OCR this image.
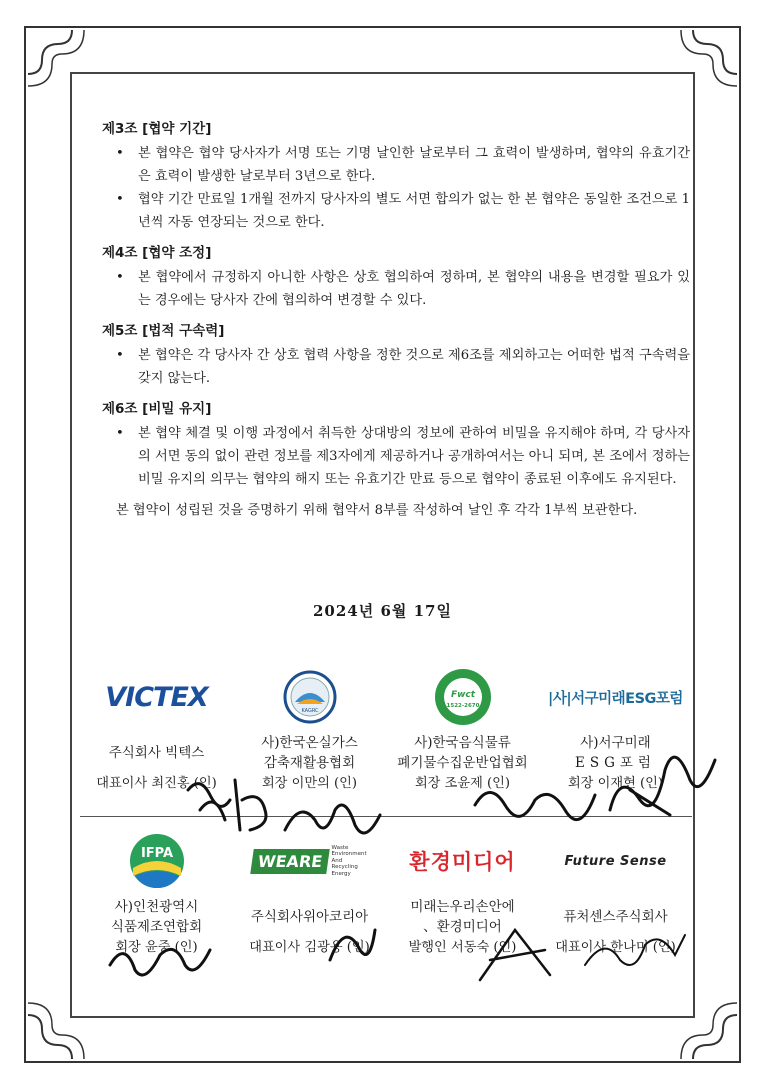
제3조 [협약 기간]
• 본 협약은 협약 당사자가 서명 또는 기명 날인한 날로부터 그 효력이 발생하며, 협약의 유효기간은 효력이 발생한 날로부터 3년으로 한다.
• 협약 기간 만료일 1개월 전까지 당사자의 별도 서면 합의가 없는 한 본 협약은 동일한 조건으로 1년씩 자동 연장되는 것으로 한다.
제4조 [협약 조정]
• 본 협약에서 규정하지 아니한 사항은 상호 협의하여 정하며, 본 협약의 내용을 변경할 필요가 있는 경우에는 당사자 간에 협의하여 변경할 수 있다.
제5조 [법적 구속력]
• 본 협약은 각 당사자 간 상호 협력 사항을 정한 것으로 제6조를 제외하고는 어떠한 법적 구속력을 갖지 않는다.
제6조 [비밀 유지]
• 본 협약 체결 및 이행 과정에서 취득한 상대방의 정보에 관하여 비밀을 유지해야 하며, 각 당사자의 서면 동의 없이 관련 정보를 제3자에게 제공하거나 공개하여서는 아니 되며, 본 조에서 정하는 비밀 유지의 의무는 협약의 해지 또는 유효기간 만료 등으로 협약이 종료된 이후에도 유지된다.
본 협약이 성립된 것을 증명하기 위해 협약서 8부를 작성하여 날인 후 각각 1부씩 보관한다.
2024년 6월 17일
VICTEX
주식회사 빅텍스
대표이사 최진홍 (인)
KAGRC
사)한국온실가스
감축재활용협회
회장 이만의 (인)
Fwct
1522-2670
사)한국음식물류
폐기물수집운반업협회
회장 조윤제 (인)
|사|서구미래ESG포럼
사)서구미래
ESG포럼
회장 이재현 (인)
IFPA
사)인천광역시
식품제조연합회
회장 윤중 (인)
WEARE
Waste
Environment
And
Recycling
Energy
주식회사위아코리아
대표이사 김광용 (인)
환경미디어
미래는우리손안에
、환경미디어
발행인 서동숙 (인)
Future Sense
퓨처센스주식회사
대표이사 한나미 (인)
